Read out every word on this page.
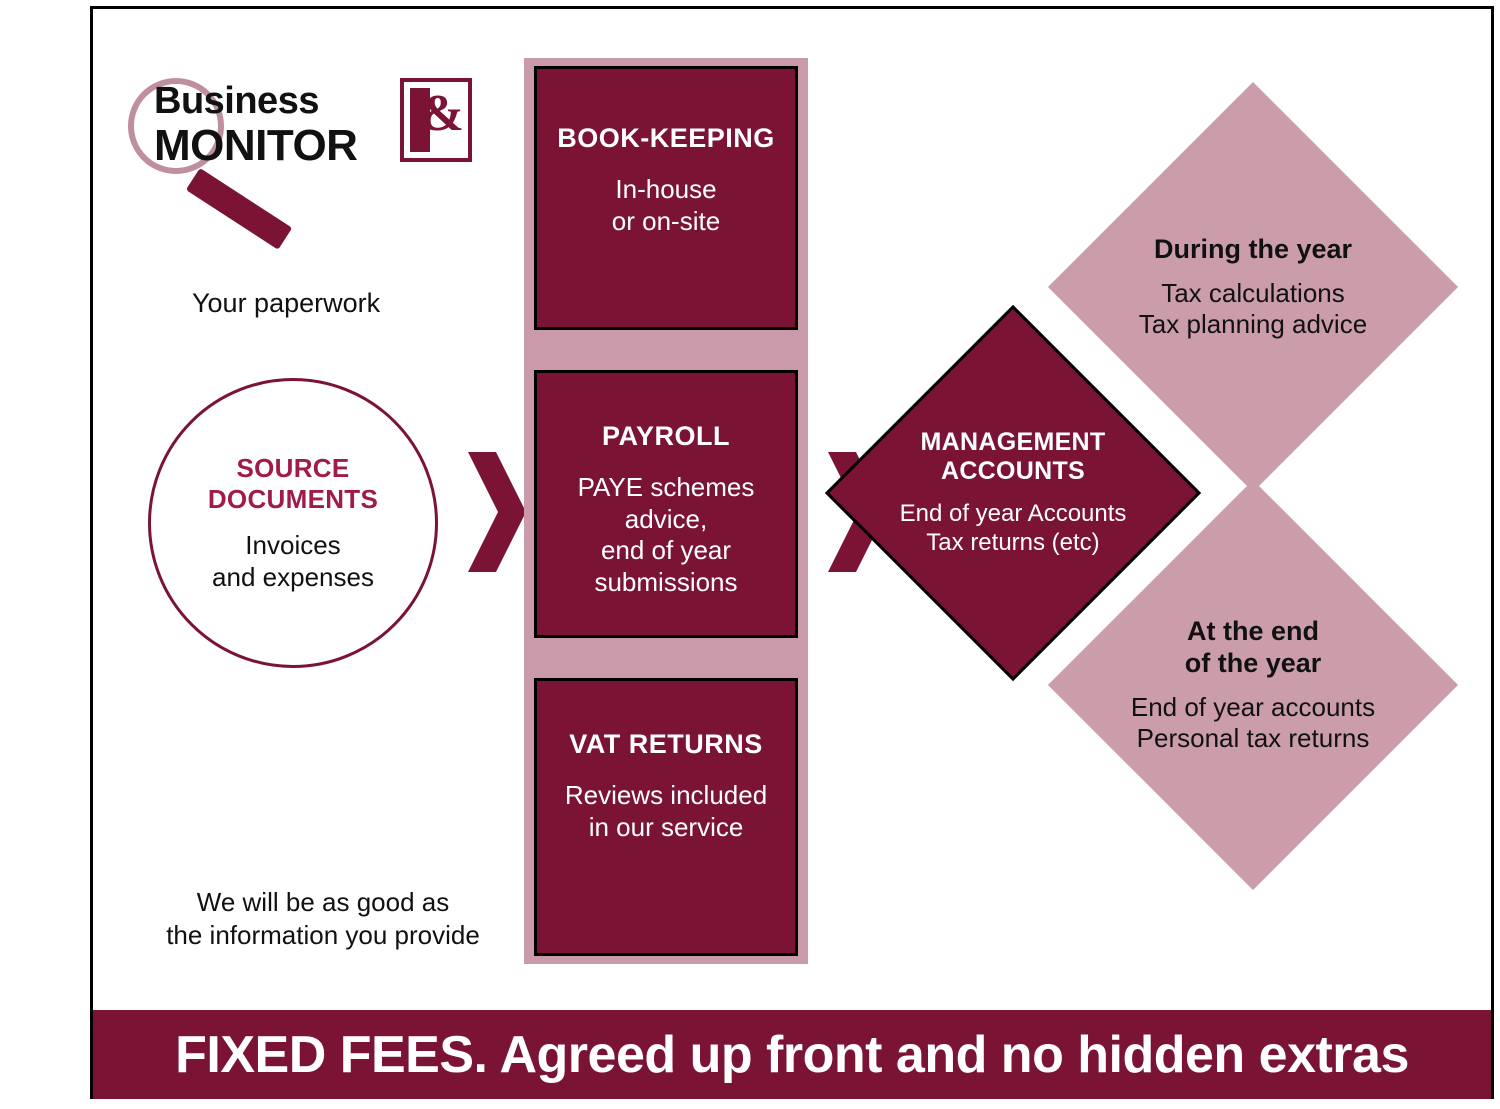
Business
MONITOR
&
Your paperwork
SOURCE
DOCUMENTS
Invoices
and expenses
We will be as good as
the information you provide
BOOK-KEEPING
In-house
or on-site
PAYROLL
PAYE schemes
advice,
end of year
submissions
VAT RETURNS
Reviews included
in our service
MANAGEMENT
ACCOUNTS
End of year Accounts
Tax returns (etc)
During the year
Tax calculations
Tax planning advice
At the end
of the year
End of year accounts
Personal tax returns
FIXED FEES. Agreed up front and no hidden extras
